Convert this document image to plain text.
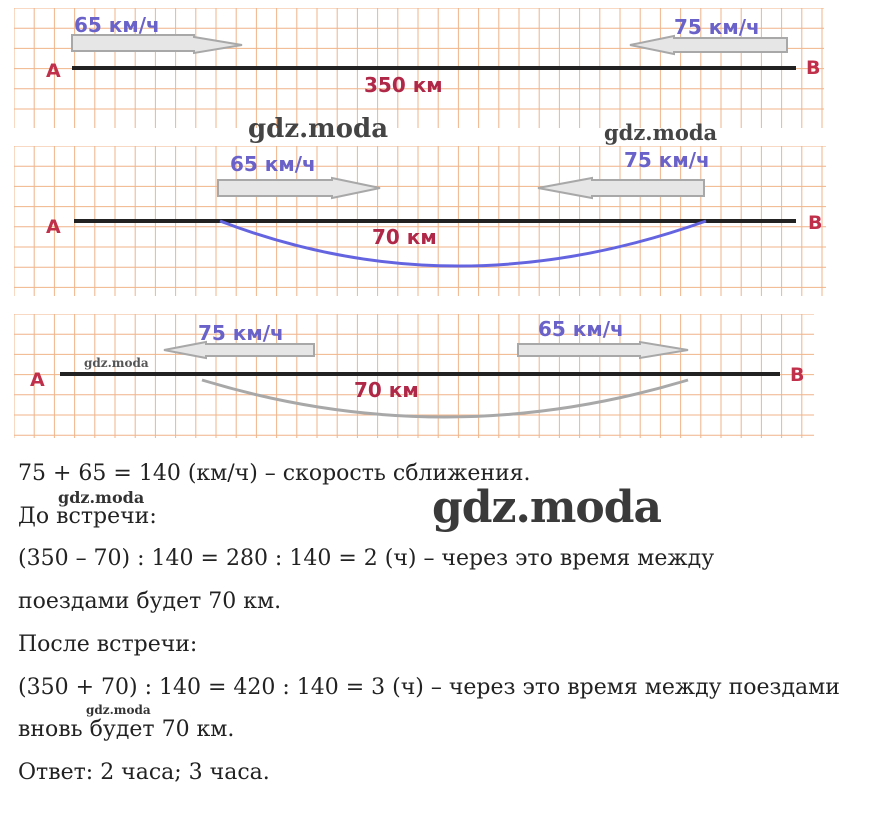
A	B
65 км/ч	75 км/ч
350 км
gdz.moda	gdz.moda
A	B
65 км/ч	75 км/ч
70 км
A	B
75 км/ч	65 км/ч
70 км
gdz.moda

75 + 65 = 140 (км/ч) – скорость сближения.

До встречи:

(350 – 70) : 140 = 280 : 140 = 2 (ч) – через это время между

поездами будет 70 км.

После встречи:

(350 + 70) : 140 = 420 : 140 = 3 (ч) – через это время между поездами

вновь будет 70 км.

Ответ: 2 часа; 3 часа.

gdz.moda	gdz.moda
gdz.moda
